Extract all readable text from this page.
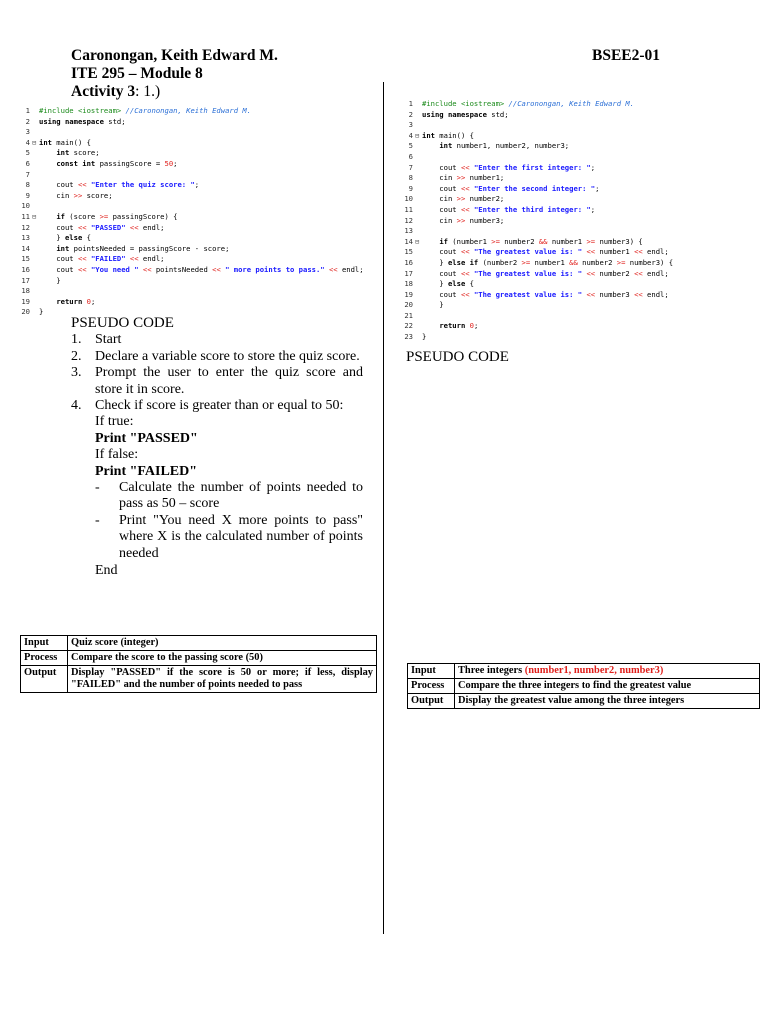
Caronongan, Keith Edward M.
ITE 295 – Module 8
Activity 3: 1.)
BSEE2-01
1 #include <iostream> //Caronongan, Keith Edward M.
2 using namespace std;
3
4 ⊟ int main() {
5	int score;
6	const int passingScore = 50;
7
8 cout << "Enter the quiz score: ";
9 cin >> score;
10
11 ⊟	if (score >= passingScore) {
12 cout << "PASSED" << endl;
13 } else {
14	int pointsNeeded = passingScore - score;
15 cout << "FAILED" << endl;
16 cout << "You need " << pointsNeeded << " more points to pass." << endl;
17 }
18
19	return 0;
20 }
PSEUDO CODE
1. Start
2. Declare a variable score to store the quiz score.
3. Prompt the user to enter the quiz score and store it in score.
4. Check if score is greater than or equal to 50:
If true:
Print "PASSED"
If false:
Print "FAILED"
-	Calculate the number of points needed to pass as 50 – score
-	Print "You need X more points to pass" where X is the calculated number of points needed
End
Input	Quiz score (integer)
Process	Compare the score to the passing score (50)
Output	Display "PASSED" if the score is 50 or more; if less, display "FAILED" and the number of points needed to pass
1 #include <iostream> //Caronongan, Keith Edward M.
2 using namespace std;
3
4 ⊟ int main() {
5	int number1, number2, number3;
6
7 cout << "Enter the first integer: ";
8 cin >> number1;
9 cout << "Enter the second integer: ";
10 cin >> number2;
11 cout << "Enter the third integer: ";
12 cin >> number3;
13
14 ⊟	if (number1 >= number2 && number1 >= number3) {
15 cout << "The greatest value is: " << number1 << endl;
16 } else if (number2 >= number1 && number2 >= number3) {
17 cout << "The greatest value is: " << number2 << endl;
18 } else {
19 cout << "The greatest value is: " << number3 << endl;
20 }
21
22	return 0;
23 }
PSEUDO CODE
Input	Three integers (number1, number2, number3)
Process	Compare the three integers to find the greatest value
Output	Display the greatest value among the three integers
